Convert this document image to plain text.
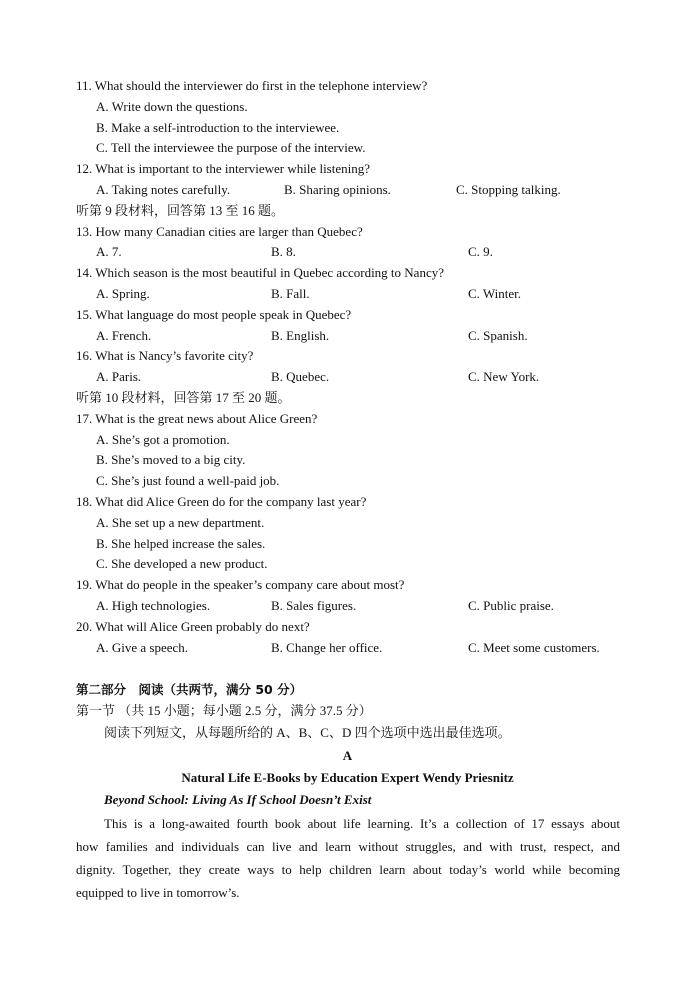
11. What should the interviewer do first in the telephone interview?
A. Write down the questions.
B. Make a self-introduction to the interviewee.
C. Tell the interviewee the purpose of the interview.
12. What is important to the interviewer while listening?
A. Taking notes carefully.	B. Sharing opinions.	C. Stopping talking.
听第 9 段材料，回答第 13 至 16 题。
13. How many Canadian cities are larger than Quebec?
A. 7.	B. 8.	C. 9.
14. Which season is the most beautiful in Quebec according to Nancy?
A. Spring.	B. Fall.	C. Winter.
15. What language do most people speak in Quebec?
A. French.	B. English.	C. Spanish.
16. What is Nancy’s favorite city?
A. Paris.	B. Quebec.	C. New York.
听第 10 段材料，回答第 17 至 20 题。
17. What is the great news about Alice Green?
A. She’s got a promotion.
B. She’s moved to a big city.
C. She’s just found a well-paid job.
18. What did Alice Green do for the company last year?
A. She set up a new department.
B. She helped increase the sales.
C. She developed a new product.
19. What do people in the speaker’s company care about most?
A. High technologies.	B. Sales figures.	C. Public praise.
20. What will Alice Green probably do next?
A. Give a speech.	B. Change her office.	C. Meet some customers.
第二部分　阅读（共两节，满分 50 分）
第一节 （共 15 小题；每小题 2.5 分，满分 37.5 分）
阅读下列短文，从每题所给的 A、B、C、D 四个选项中选出最佳选项。
A
Natural Life E-Books by Education Expert Wendy Priesnitz
Beyond School: Living As If School Doesn’t Exist
This is a long-awaited fourth book about life learning. It’s a collection of 17 essays about
how families and individuals can live and learn without struggles, and with trust, respect, and
dignity. Together, they create ways to help children learn about today’s world while becoming
equipped to live in tomorrow’s.
